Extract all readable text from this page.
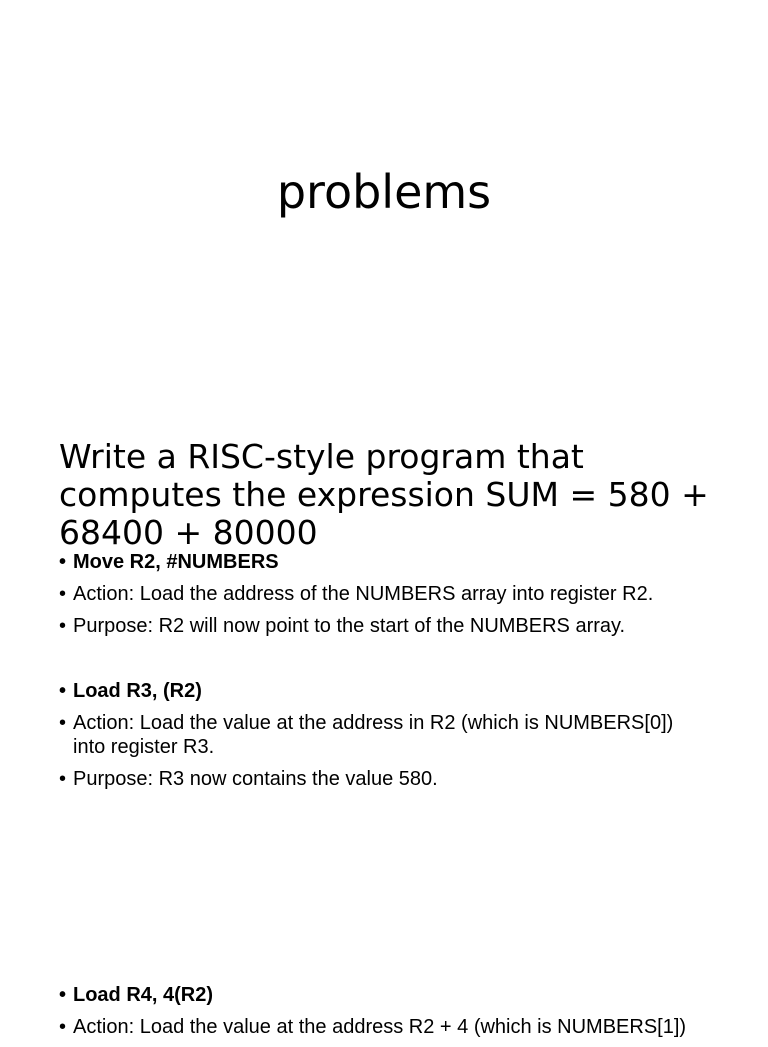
problems
Write a RISC-style program that computes the expression SUM = 580 + 68400 + 80000
• Move R2, #NUMBERS
• Action: Load the address of the NUMBERS array into register R2.
• Purpose: R2 will now point to the start of the NUMBERS array.
• Load R3, (R2)
• Action: Load the value at the address in R2 (which is NUMBERS[0]) into register R3.
• Purpose: R3 now contains the value 580.
• Load R4, 4(R2)
• Action: Load the value at the address R2 + 4 (which is NUMBERS[1])
